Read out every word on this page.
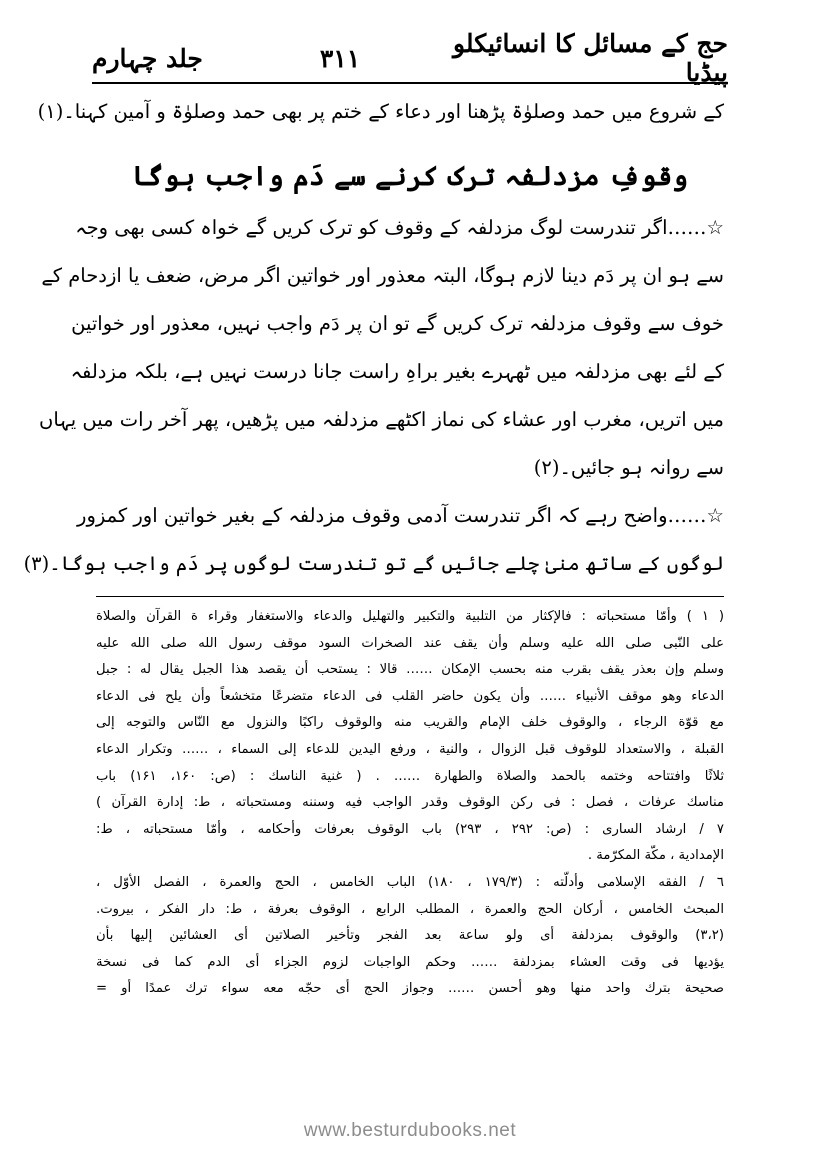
جلد چہارم	۳۱۱	حج کے مسائل کا انسائیکلو پیڈیا
کے شروع میں حمد وصلوٰۃ پڑھنا اور دعاء کے ختم پر بھی حمد وصلوٰۃ و آمین کہنا۔(۱)
وقوفِ مزدلفہ ترک کرنے سے دَم واجب ہوگا
☆……اگر تندرست لوگ مزدلفہ کے وقوف کو ترک کریں گے خواہ کسی بھی وجہ
سے ہو ان پر دَم دینا لازم ہوگا، البتہ معذور اور خواتین اگر مرض، ضعف یا ازدحام کے
خوف سے وقوف مزدلفہ ترک کریں گے تو ان پر دَم واجب نہیں، معذور اور خواتین
کے لئے بھی مزدلفہ میں ٹھہرے بغیر براہِ راست جانا درست نہیں ہے، بلکہ مزدلفہ
میں اتریں، مغرب اور عشاء کی نماز اکٹھے مزدلفہ میں پڑھیں، پھر آخر رات میں یہاں
سے روانہ ہو جائیں۔(۲)
☆……واضح رہے کہ اگر تندرست آدمی وقوف مزدلفہ کے بغیر خواتین اور کمزور
لوگوں کے ساتھ منیٰ چلے جائیں گے تو تندرست لوگوں پر دَم واجب ہوگا۔(۳)
( ۱ ) وأمّا مستحباته : فالإكثار من التلبية والتكبير والتهليل والدعاء والاستغفار وقراء ة القرآن والصلاة
على النّبى صلى الله عليه وسلم وأن يقف عند الصخرات السود موقف رسول الله صلى الله عليه
وسلم وإن بعذر يقف بقرب منه بحسب الإمكان …… قالا : يستحب أن يقصد هذا الجبل يقال له : جبل
الدعاء وهو موقف الأنبياء …… وأن يكون حاضر القلب فى الدعاء متضرعًا متخشعاً وأن يلح فى الدعاء
مع قوّة الرجاء ، والوقوف خلف الإمام والقريب منه والوقوف راكبًا والنزول مع النّاس والتوجه إلى
القبلة ، والاستعداد للوقوف قبل الزوال ، والنية ، ورفع اليدين للدعاء إلى السماء ، …… وتكرار الدعاء
ثلاثًا وافتتاحه وختمه بالحمد والصلاة والطهارة …… . ( غنية الناسك : (ص: ۱۶۰، ۱۶۱) باب
مناسك عرفات ، فصل : فى ركن الوقوف وقدر الواجب فيه وسننه ومستحباته ، ط: إدارة القرآن )
٧ / ارشاد السارى : (ص: ۲۹۲ ، ۲۹۳) باب الوقوف بعرفات وأحكامه ، وأمّا مستحباته ، ط:
الإمدادية ، مكّة المكرّمة .
٦ / الفقه الإسلامى وأدلّته : (۱۷۹/۳ ، ۱۸۰) الباب الخامس ، الحج والعمرة ، الفصل الأوّل ،
المبحث الخامس ، أركان الحج والعمرة ، المطلب الرابع ، الوقوف بعرفة ، ط: دار الفكر ، بيروت.
(۳،۲) والوقوف بمزدلفة أى ولو ساعة بعد الفجر وتأخير الصلاتين أى العشائين إليها بأن
يؤديها فى وقت العشاء بمزدلفة …… وحكم الواجبات لزوم الجزاء أى الدم كما فى نسخة
صحيحة بترك واحد منها وهو أحسن …… وجواز الحج أى حجّه معه سواء ترك عمدًا أو =
www.besturdubooks.net
